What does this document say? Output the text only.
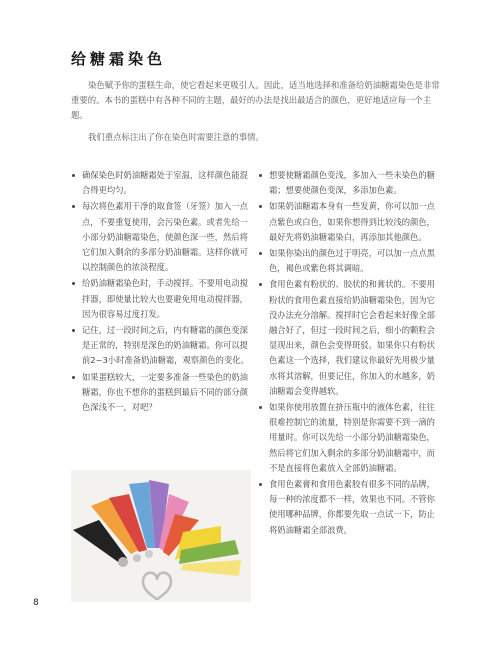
给糖霜染色

染色赋予你的蛋糕生命，使它看起来更吸引人。因此，适当地选择和准备给奶油糖霜染色是非常重要的。本书的蛋糕中有各种不同的主题，最好的办法是找出最适合的颜色，更好地适应每一个主题。

我们重点标注出了你在染色时需要注意的事情。

确保染色时奶油糖霜处于室温，这样颜色能混合得更均匀。
每次将色素用干净的取食签（牙签）加入一点点，不要重复使用，会污染色素。或者先给一小部分奶油糖霜染色，使颜色深一些，然后将它们加入剩余的多部分奶油糖霜。这样你就可以控制颜色的浓淡程度。
给奶油糖霜染色时，手动搅拌。不要用电动搅拌器，即使量比较大也要避免用电动搅拌器，因为很容易过度打发。
记住，过一段时间之后，内有糖霜的颜色变深是正常的，特别是深色的奶油糖霜。你可以提前2~3小时准备奶油糖霜，观察颜色的变化。
如果蛋糕较大，一定要多准备一些染色的奶油糖霜，你也不想你的蛋糕到最后不同的部分颜色深浅不一，对吧？
想要使糖霜颜色变浅，多加入一些未染色的糖霜；想要使颜色变深，多添加色素。
如果奶油糖霜本身有一些发黄，你可以加一点点紫色或白色，如果你想得到比较浅的颜色，最好先将奶油糖霜染白，再添加其他颜色。
如果你染出的颜色过于明亮，可以加一点点黑色，褐色或紫色将其调暗。
食用色素有粉状的、胶状的和膏状的。不要用粉状的食用色素直接给奶油糖霜染色，因为它没办法充分溶解。搅拌时它会看起来好像全部融合好了，但过一段时间之后，细小的颗粒会显现出来，颜色会变得斑驳。如果你只有粉状色素这一个选择，我们建议你最好先用极少量水将其溶解，但要记住，你加入的水越多，奶油糖霜会变得越软。
如果你使用放置在挤压瓶中的液体色素，往往很难控制它的流量，特别是你需要不到一滴的用量时。你可以先给一小部分奶油糖霜染色，然后将它们加入剩余的多部分奶油糖霜中，而不是直接将色素放入全部奶油糖霜。
食用色素膏和食用色素胶有很多不同的品牌，每一种的浓度都不一样，效果也不同。不管你使用哪种品牌，你都要先取一点试一下，防止将奶油糖霜全部浪费。
8
